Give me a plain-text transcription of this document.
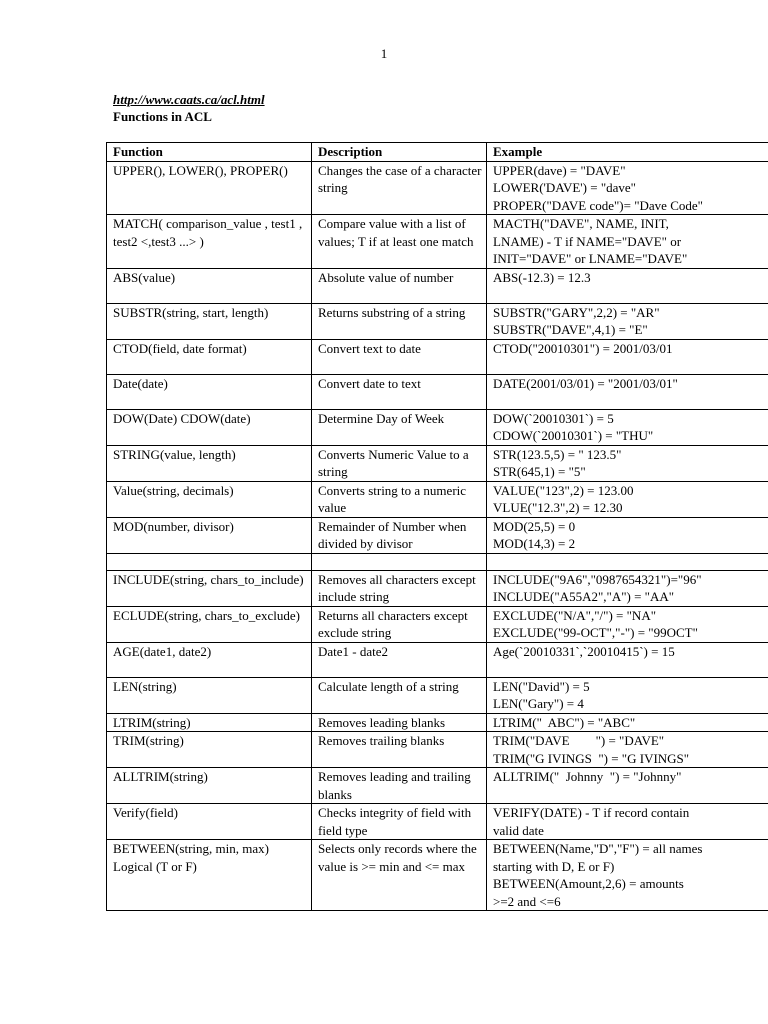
1
http://www.caats.ca/acl.html
Functions in ACL
Function	Description	Example

UPPER(), LOWER(), PROPER()	Changes the case of a character string	UPPER(dave) = "DAVE"
LOWER('DAVE') = "dave"
PROPER("DAVE code")= "Dave Code"

MATCH( comparison_value , test1 , test2 <,test3 ...> )	Compare value with a list of values; T if at least one match	MACTH("DAVE", NAME, INIT,
LNAME) - T if NAME="DAVE" or
INIT="DAVE" or LNAME="DAVE"

ABS(value)	Absolute value of number	ABS(-12.3) = 12.3

SUBSTR(string, start, length)	Returns substring of a string	SUBSTR("GARY",2,2) = "AR"
SUBSTR("DAVE",4,1) = "E"

CTOD(field, date format)	Convert text to date	CTOD("20010301") = 2001/03/01

Date(date)	Convert date to text	DATE(2001/03/01) = "2001/03/01"

DOW(Date) CDOW(date)	Determine Day of Week	DOW(`20010301`) = 5
CDOW(`20010301`) = "THU"

STRING(value, length)	Converts Numeric Value to a string	STR(123.5,5) = " 123.5"
STR(645,1) = "5"

Value(string, decimals)	Converts string to a numeric value	VALUE("123",2) = 123.00
VLUE("12.3",2) = 12.30

MOD(number, divisor)	Remainder of Number when divided by divisor	MOD(25,5) = 0
MOD(14,3) = 2

INCLUDE(string, chars_to_include)	Removes all characters except include string	INCLUDE("9A6","0987654321")="96"
INCLUDE("A55A2","A") = "AA"

ECLUDE(string, chars_to_exclude)	Returns all characters except exclude string	EXCLUDE("N/A","/") = "NA"
EXCLUDE("99-OCT","-") = "99OCT"

AGE(date1, date2)	Date1 - date2	Age(`20010331`,`20010415`) = 15

LEN(string)	Calculate length of a string	LEN("David") = 5
LEN("Gary") = 4

LTRIM(string)	Removes leading blanks	LTRIM("  ABC") = "ABC"

TRIM(string)	Removes trailing blanks	TRIM("DAVE        ") = "DAVE"
TRIM("G IVINGS  ") = "G IVINGS"

ALLTRIM(string)	Removes leading and trailing blanks	ALLTRIM("  Johnny  ") = "Johnny"

Verify(field)	Checks integrity of field with field type	VERIFY(DATE) - T if record contain
valid date

BETWEEN(string, min, max) Logical (T or F)	Selects only records where the value is >= min and <= max	BETWEEN(Name,"D","F") = all names
starting with D, E or F)
BETWEEN(Amount,2,6) = amounts
>=2 and <=6
